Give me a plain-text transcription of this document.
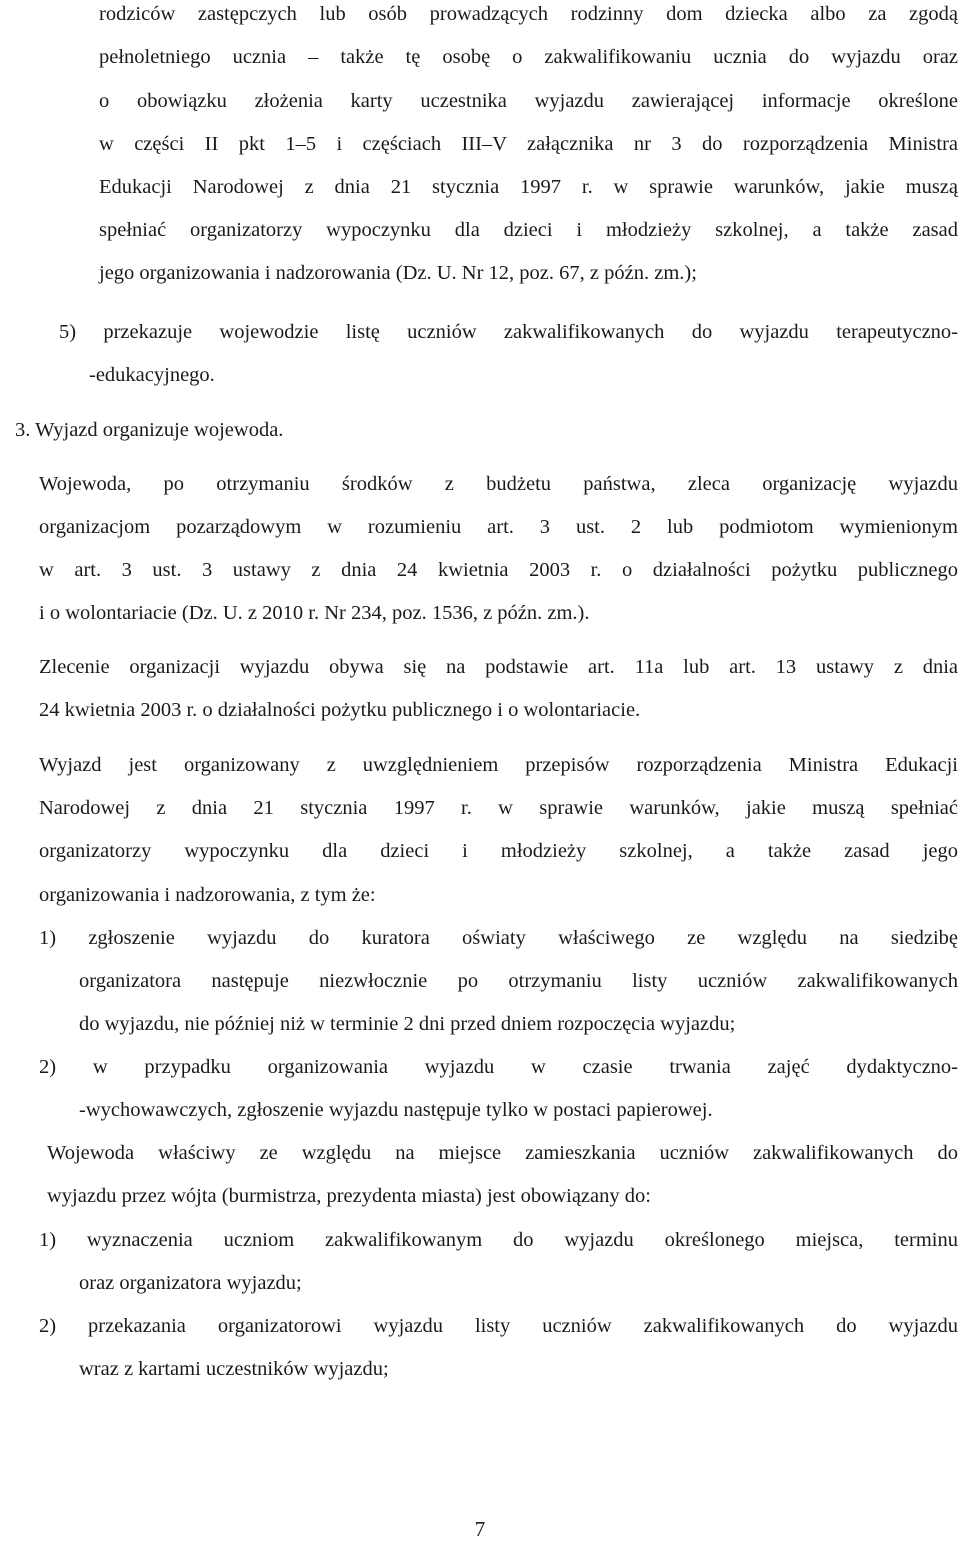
rodziców zastępczych lub osób prowadzących rodzinny dom dziecka albo za zgodą

pełnoletniego ucznia – także tę osobę o zakwalifikowaniu ucznia do wyjazdu oraz

o obowiązku złożenia karty uczestnika wyjazdu zawierającej informacje określone

w części II pkt 1–5 i częściach III–V załącznika nr 3 do rozporządzenia Ministra

Edukacji Narodowej z dnia 21 stycznia 1997 r. w sprawie warunków, jakie muszą

spełniać organizatorzy wypoczynku dla dzieci i młodzieży szkolnej, a także zasad

jego organizowania i nadzorowania (Dz. U. Nr 12, poz. 67, z późn. zm.);

5) przekazuje wojewodzie listę uczniów zakwalifikowanych do wyjazdu terapeutyczno-

-edukacyjnego.

3. Wyjazd organizuje wojewoda.

Wojewoda, po otrzymaniu środków z budżetu państwa, zleca organizację wyjazdu

organizacjom pozarządowym w rozumieniu art. 3 ust. 2 lub podmiotom wymienionym

w art. 3 ust. 3 ustawy z dnia 24 kwietnia 2003 r. o działalności pożytku publicznego

i o wolontariacie (Dz. U. z 2010 r. Nr 234, poz. 1536, z późn. zm.).

Zlecenie organizacji wyjazdu obywa się na podstawie art. 11a lub art. 13 ustawy z dnia

24 kwietnia 2003 r. o działalności pożytku publicznego i o wolontariacie.

Wyjazd jest organizowany z uwzględnieniem przepisów rozporządzenia Ministra Edukacji

Narodowej z dnia 21 stycznia 1997 r. w sprawie warunków, jakie muszą spełniać

organizatorzy wypoczynku dla dzieci i młodzieży szkolnej, a także zasad jego

organizowania i nadzorowania, z tym że:

1) zgłoszenie wyjazdu do kuratora oświaty właściwego ze względu na siedzibę

organizatora następuje niezwłocznie po otrzymaniu listy uczniów zakwalifikowanych

do wyjazdu, nie później niż w terminie 2 dni przed dniem rozpoczęcia wyjazdu;

2) w przypadku organizowania wyjazdu w czasie trwania zajęć dydaktyczno-

-wychowawczych, zgłoszenie wyjazdu następuje tylko w postaci papierowej.

Wojewoda właściwy ze względu na miejsce zamieszkania uczniów zakwalifikowanych do

wyjazdu przez wójta (burmistrza, prezydenta miasta) jest obowiązany do:

1) wyznaczenia uczniom zakwalifikowanym do wyjazdu określonego miejsca, terminu

oraz organizatora wyjazdu;

2) przekazania organizatorowi wyjazdu listy uczniów zakwalifikowanych do wyjazdu

wraz z kartami uczestników wyjazdu;

7
